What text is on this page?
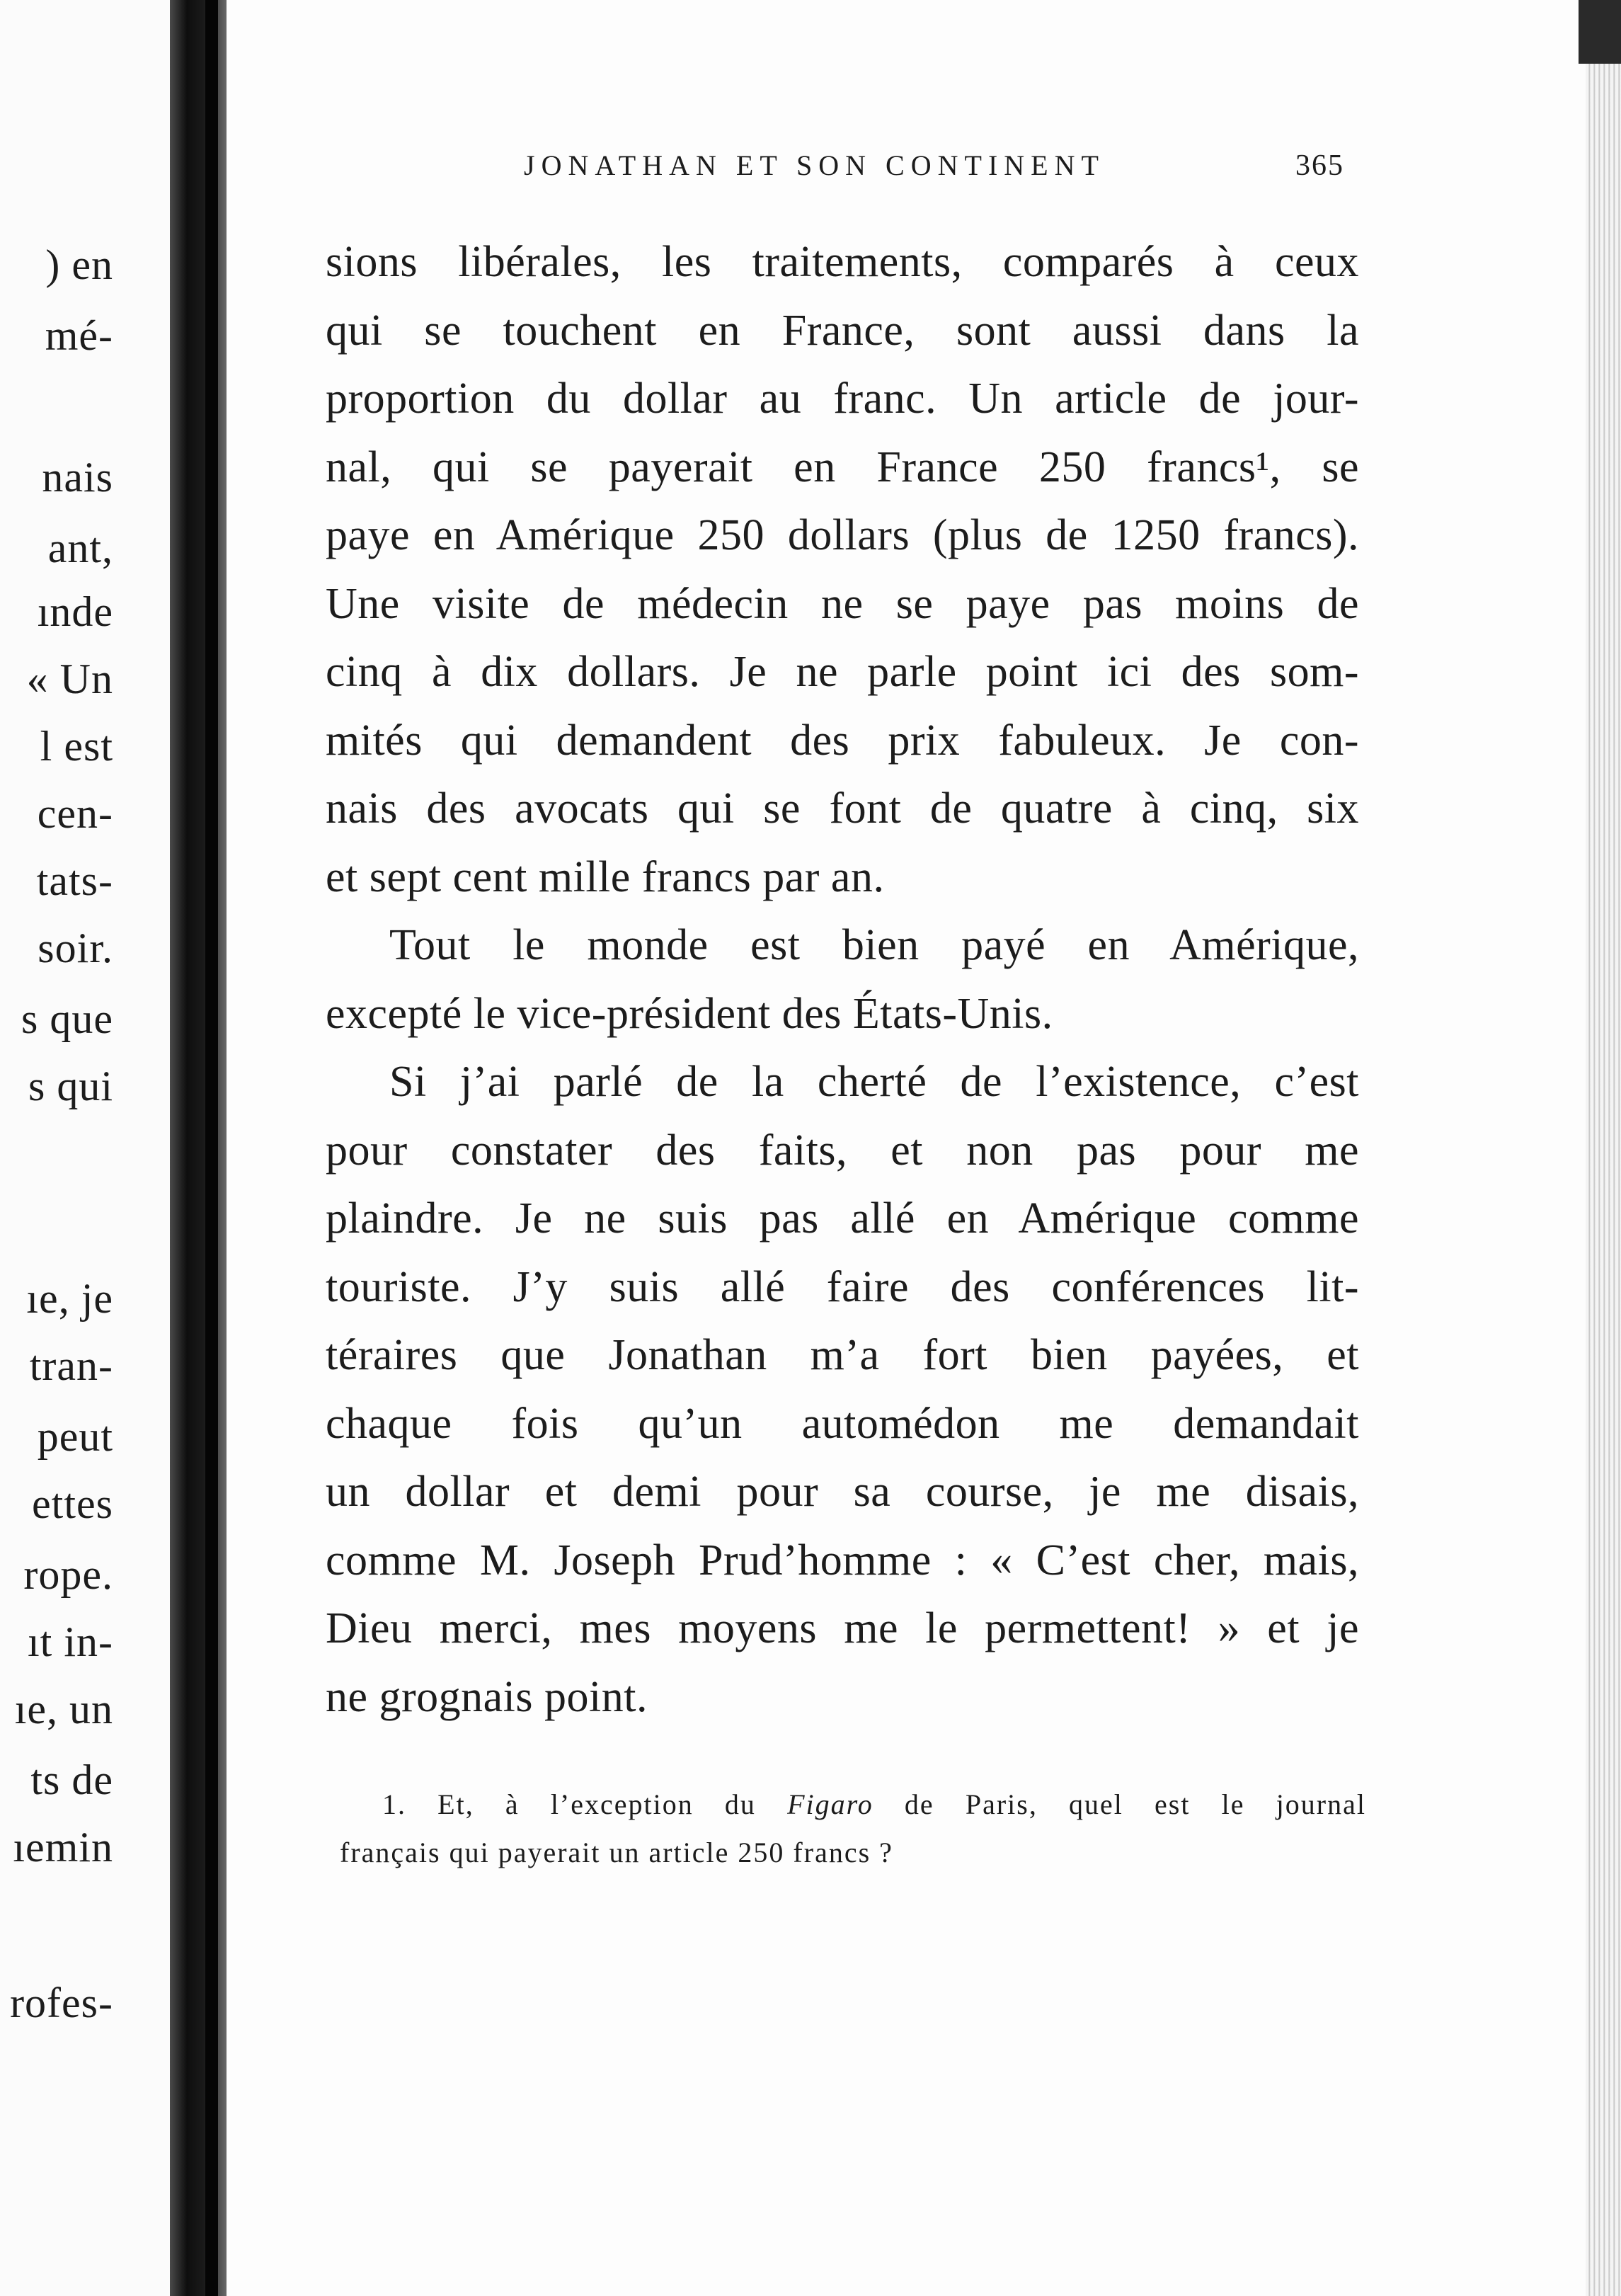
) en
mé-
nais
ant,
ınde
« Un
l est
cen-
tats-
soir.
s que
s qui
ıe, je
tran-
peut
ettes
rope.
ıt in-
ıe, un
ts de
ıemin
rofes-
JONATHAN ET SON CONTINENT	365
sions libérales, les traitements, comparés à ceux
qui se touchent en France, sont aussi dans la
proportion du dollar au franc. Un article de jour-
nal, qui se payerait en France 250 francs¹, se
paye en Amérique 250 dollars (plus de 1250 francs).
Une visite de médecin ne se paye pas moins de
cinq à dix dollars. Je ne parle point ici des som-
mités qui demandent des prix fabuleux. Je con-
nais des avocats qui se font de quatre à cinq, six
et sept cent mille francs par an.
Tout le monde est bien payé en Amérique,
excepté le vice-président des États-Unis.
Si j’ai parlé de la cherté de l’existence, c’est
pour constater des faits, et non pas pour me
plaindre. Je ne suis pas allé en Amérique comme
touriste. J’y suis allé faire des conférences lit-
téraires que Jonathan m’a fort bien payées, et
chaque fois qu’un automédon me demandait
un dollar et demi pour sa course, je me disais,
comme M. Joseph Prud’homme : « C’est cher, mais,
Dieu merci, mes moyens me le permettent! » et je
ne grognais point.
1. Et, à l’exception du Figaro de Paris, quel est le journal
français qui payerait un article 250 francs ?
